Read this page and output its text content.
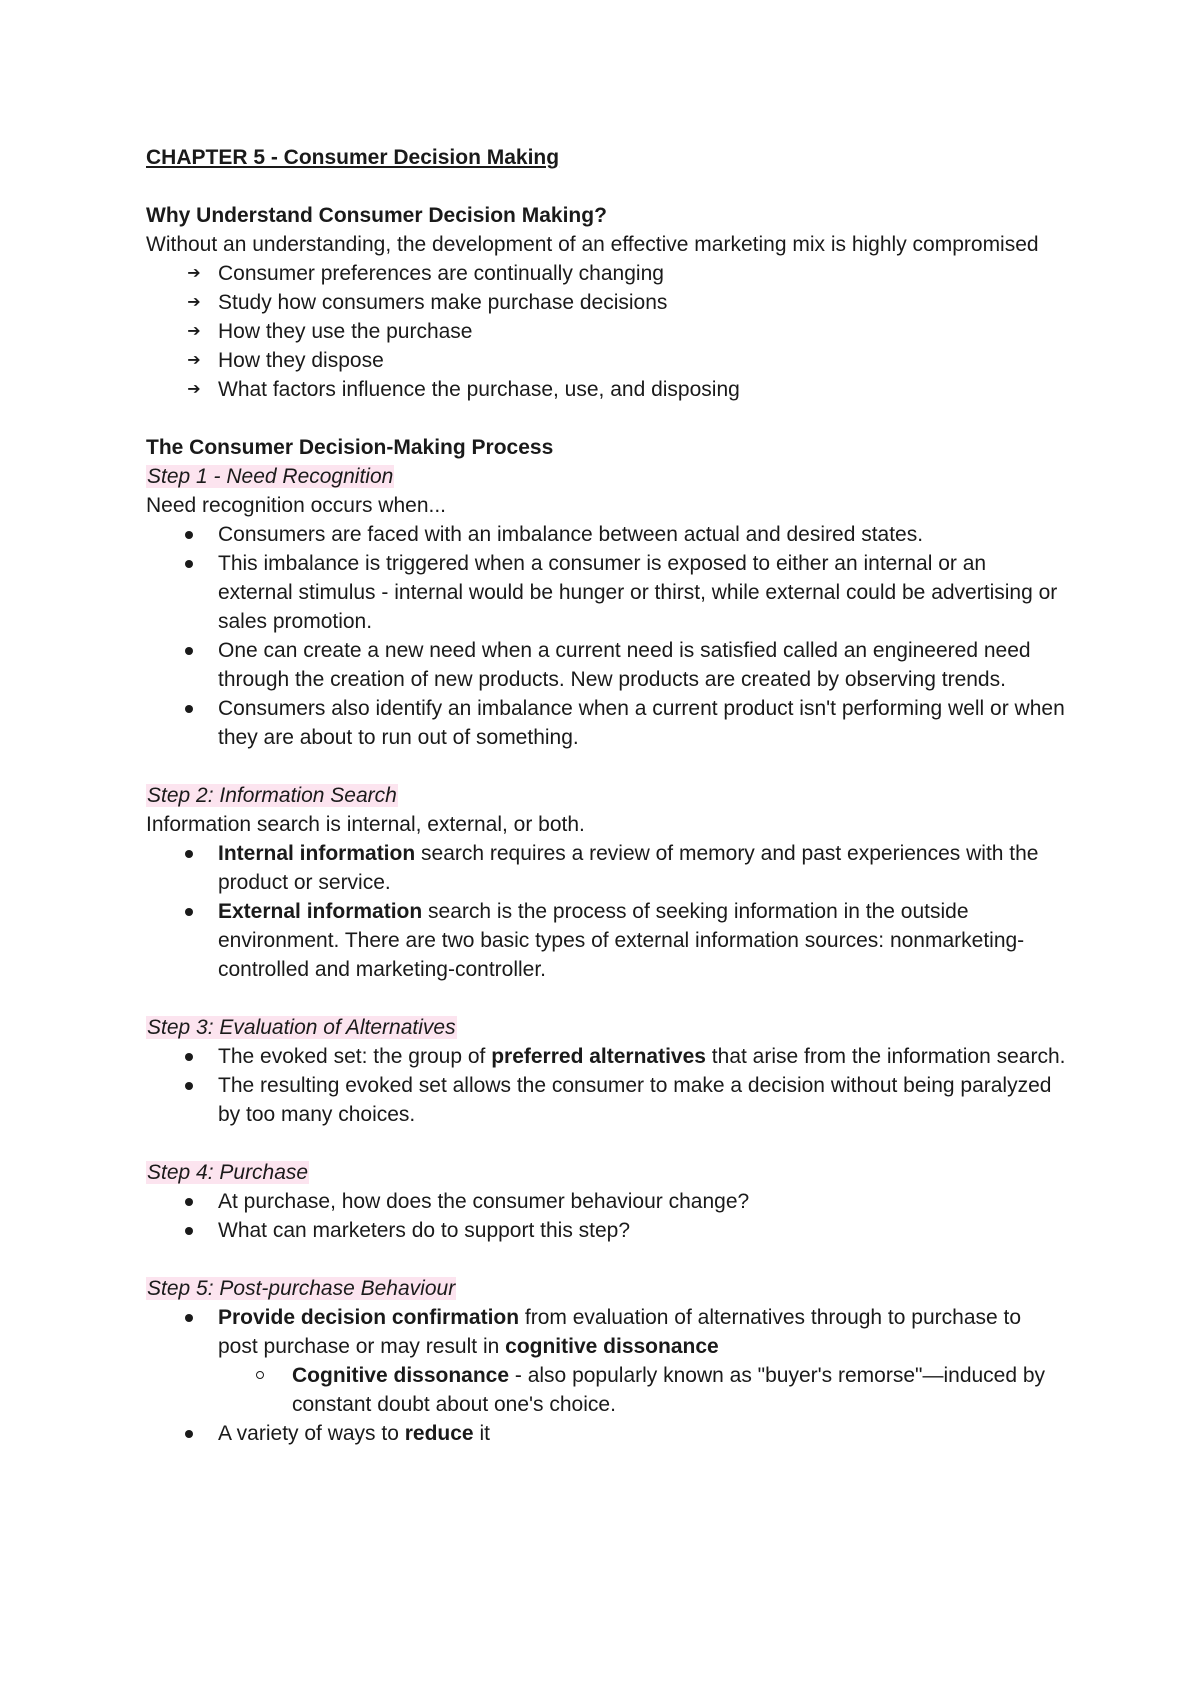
CHAPTER 5 - Consumer Decision Making

Why Understand Consumer Decision Making?

Without an understanding, the development of an effective marketing mix is highly compromised

➔ Consumer preferences are continually changing
➔ Study how consumers make purchase decisions
➔ How they use the purchase
➔ How they dispose
➔ What factors influence the purchase, use, and disposing

The Consumer Decision-Making Process

Step 1 - Need Recognition

Need recognition occurs when...

Consumers are faced with an imbalance between actual and desired states.
This imbalance is triggered when a consumer is exposed to either an internal or an external stimulus - internal would be hunger or thirst, while external could be advertising or sales promotion.
One can create a new need when a current need is satisfied called an engineered need through the creation of new products. New products are created by observing trends.
Consumers also identify an imbalance when a current product isn't performing well or when they are about to run out of something.

Step 2: Information Search

Information search is internal, external, or both.

Internal information search requires a review of memory and past experiences with the product or service.
External information search is the process of seeking information in the outside environment. There are two basic types of external information sources: nonmarketing-controlled and marketing-controller.

Step 3: Evaluation of Alternatives

The evoked set: the group of preferred alternatives that arise from the information search.
The resulting evoked set allows the consumer to make a decision without being paralyzed by too many choices.

Step 4: Purchase

At purchase, how does the consumer behaviour change?
What can marketers do to support this step?

Step 5: Post-purchase Behaviour

Provide decision confirmation from evaluation of alternatives through to purchase to post purchase or may result in cognitive dissonance
Cognitive dissonance - also popularly known as "buyer's remorse"—induced by constant doubt about one's choice.
A variety of ways to reduce it
